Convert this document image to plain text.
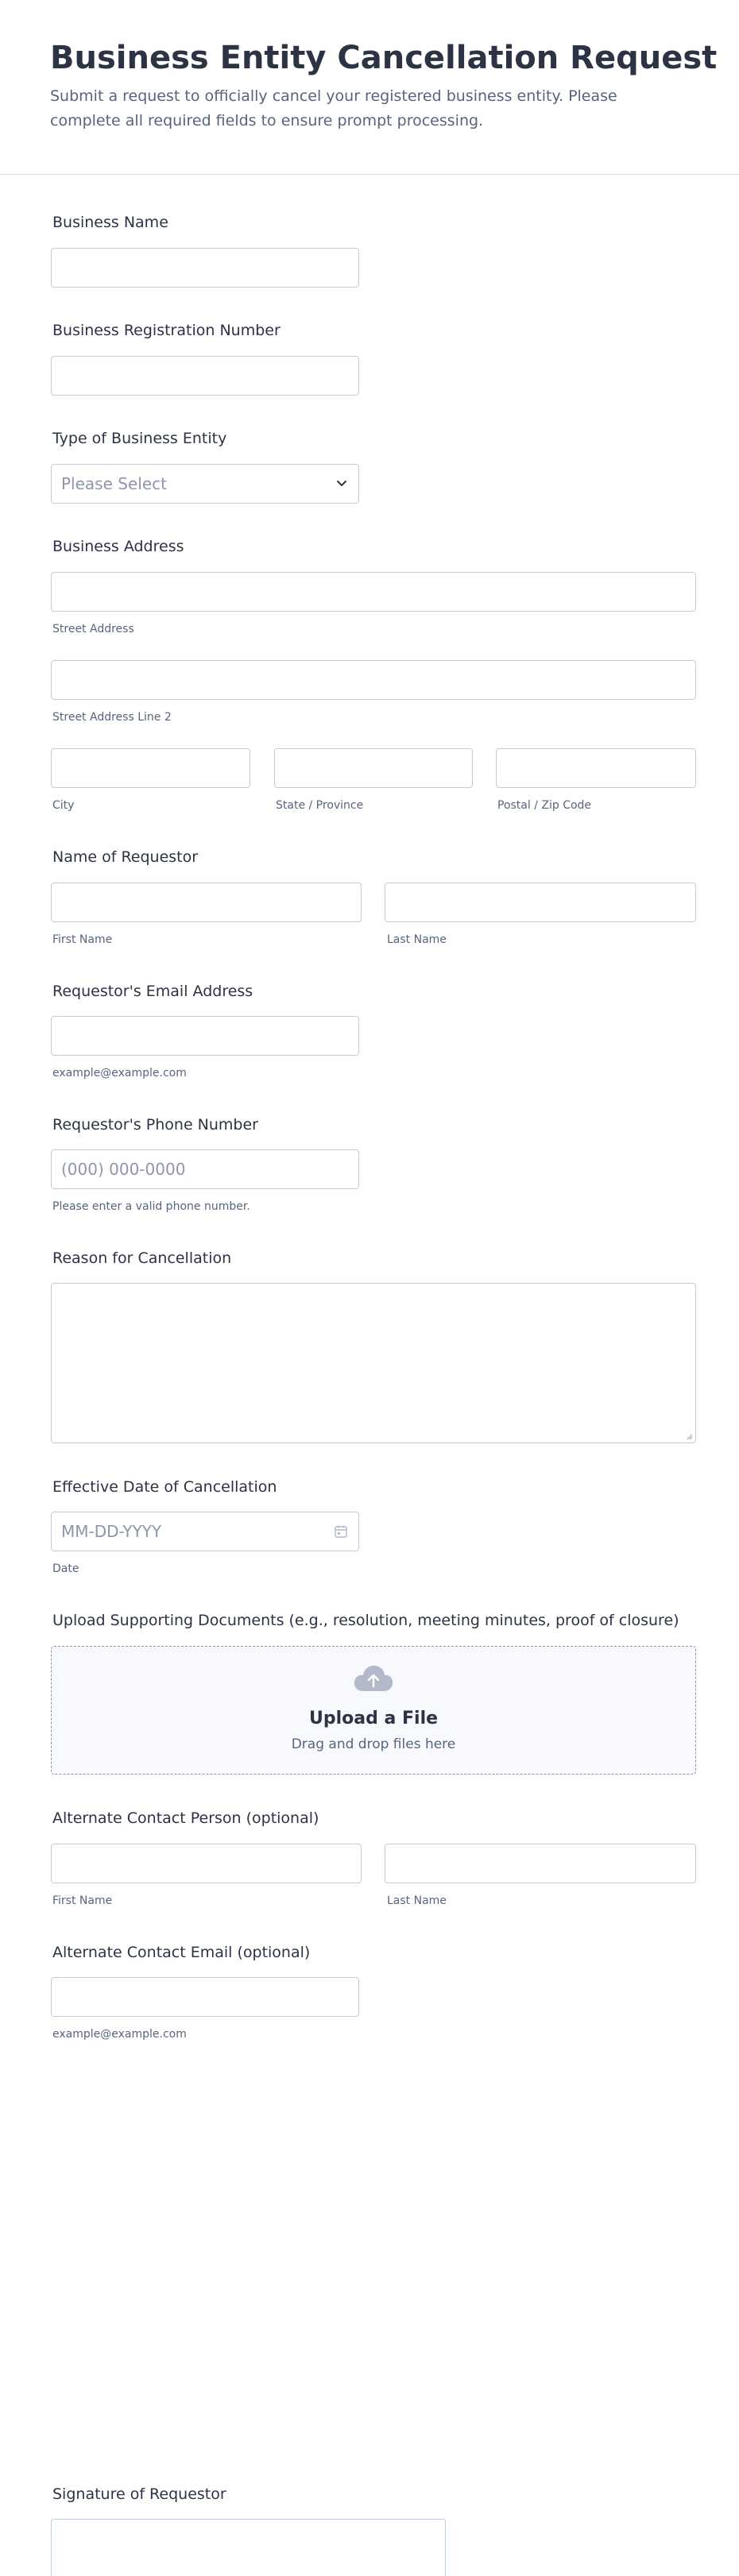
Business Entity Cancellation Request

Submit a request to officially cancel your registered business entity. Please complete all required fields to ensure prompt processing.

Business Name
Business Registration Number
Type of Business Entity
Please Select
Business Address
Street Address
Street Address Line 2
City	State / Province	Postal / Zip Code
Name of Requestor
First Name	Last Name
Requestor's Email Address
example@example.com
Requestor's Phone Number
(000) 000-0000
Please enter a valid phone number.
Reason for Cancellation
Effective Date of Cancellation
MM-DD-YYYY
Date
Upload Supporting Documents (e.g., resolution, meeting minutes, proof of closure)
Upload a File
Drag and drop files here
Alternate Contact Person (optional)
First Name	Last Name
Alternate Contact Email (optional)
example@example.com
Signature of Requestor
